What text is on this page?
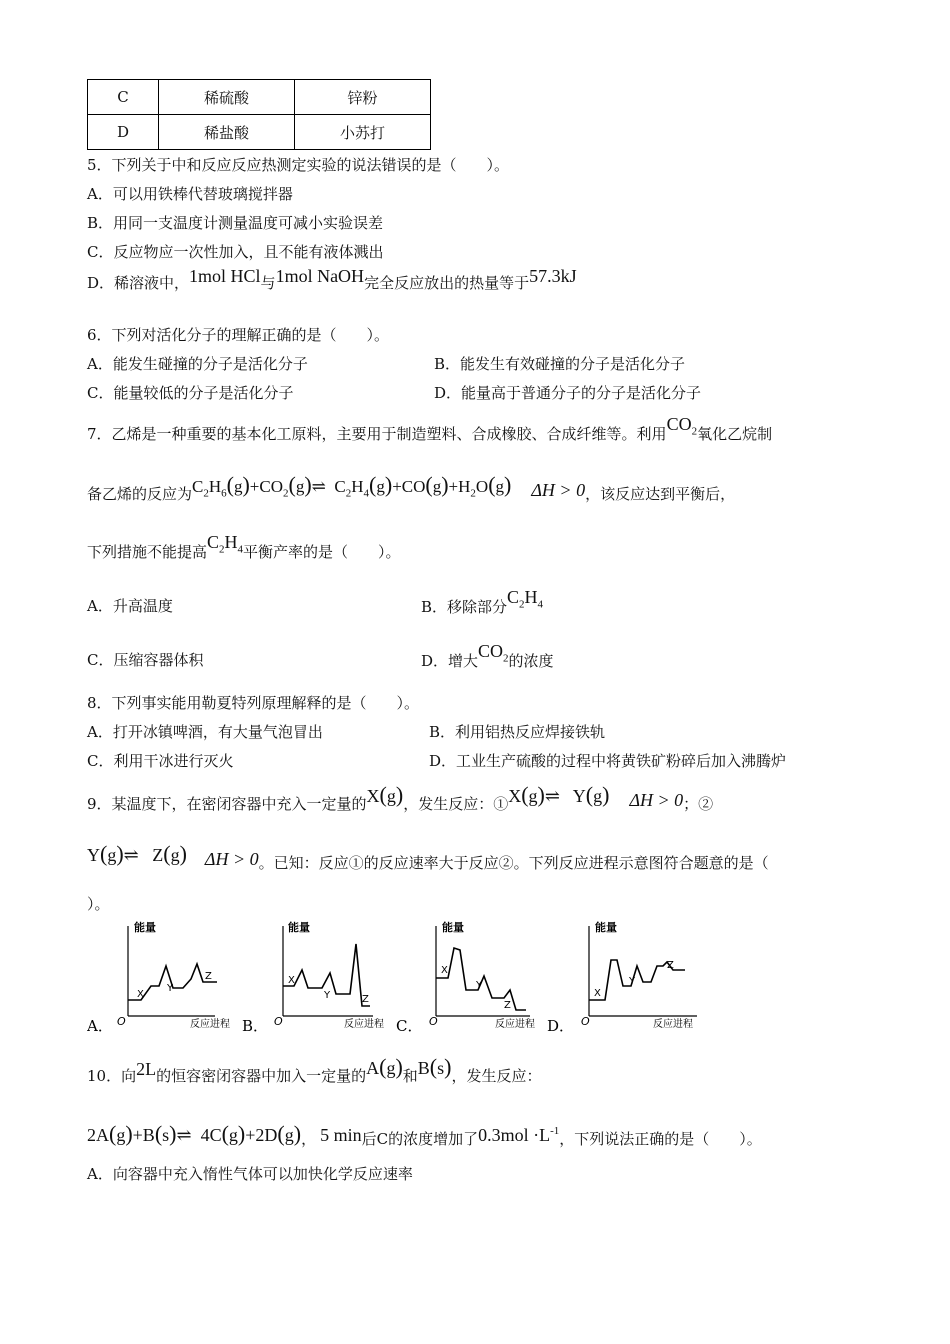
C	稀硫酸	锌粉
D	稀盐酸	小苏打
5．下列关于中和反应反应热测定实验的说法错误的是（　　）。
A．可以用铁棒代替玻璃搅拌器
B．用同一支温度计测量温度可减小实验误差
C．反应物应一次性加入，且不能有液体溅出
D．稀溶液中，1mol HCl与1mol NaOH完全反应放出的热量等于57.3kJ
6．下列对活化分子的理解正确的是（　　）。
A．能发生碰撞的分子是活化分子	B．能发生有效碰撞的分子是活化分子
C．能量较低的分子是活化分子	D．能量高于普通分子的分子是活化分子
7．乙烯是一种重要的基本化工原料，主要用于制造塑料、合成橡胶、合成纤维等。利用$CO_2$氧化乙烷制
备乙烯的反应为$C_2H_6(g)+CO_2(g)\rightleftharpoons$  $C_2H_4(g)+CO(g)+H_2O(g) \Delta H > 0$，该反应达到平衡后，
下列措施不能提高$C_2H_4$平衡产率的是（　　）。
A．升高温度	B．移除部分$C_2H_4$
C．压缩容器体积	D．增大$CO_2$的浓度
8．下列事实能用勒夏特列原理解释的是（　　）。
A．打开冰镇啤酒，有大量气泡冒出	B．利用铝热反应焊接铁轨
C．利用干冰进行灭火	D．工业生产硫酸的过程中将黄铁矿粉碎后加入沸腾炉
9．某温度下，在密闭容器中充入一定量的X(g)，发生反应：①X(g)⇌   Y(g) ΔH > 0；②
Y(g)⇌   Z(g) ΔH > 0。已知：反应①的反应速率大于反应②。下列反应进程示意图符合题意的是（
）。
A． O
能量
X
Y
Z
反应进程 B． O
能量
X
Y	Z
反应进程 C． O
能量
X
Y
Z
反应进程 D． O
能量
X
Y
Z
反应进程
10．向2L的恒容密闭容器中加入一定量的A(g)和B(s)，发生反应：
2A(g)+B(s)⇌  4C(g)+2D(g)， 5 min后C的浓度增加了$0.3mol \cdot L^{-1}$，下列说法正确的是（　　）。
A．向容器中充入惰性气体可以加快化学反应速率
